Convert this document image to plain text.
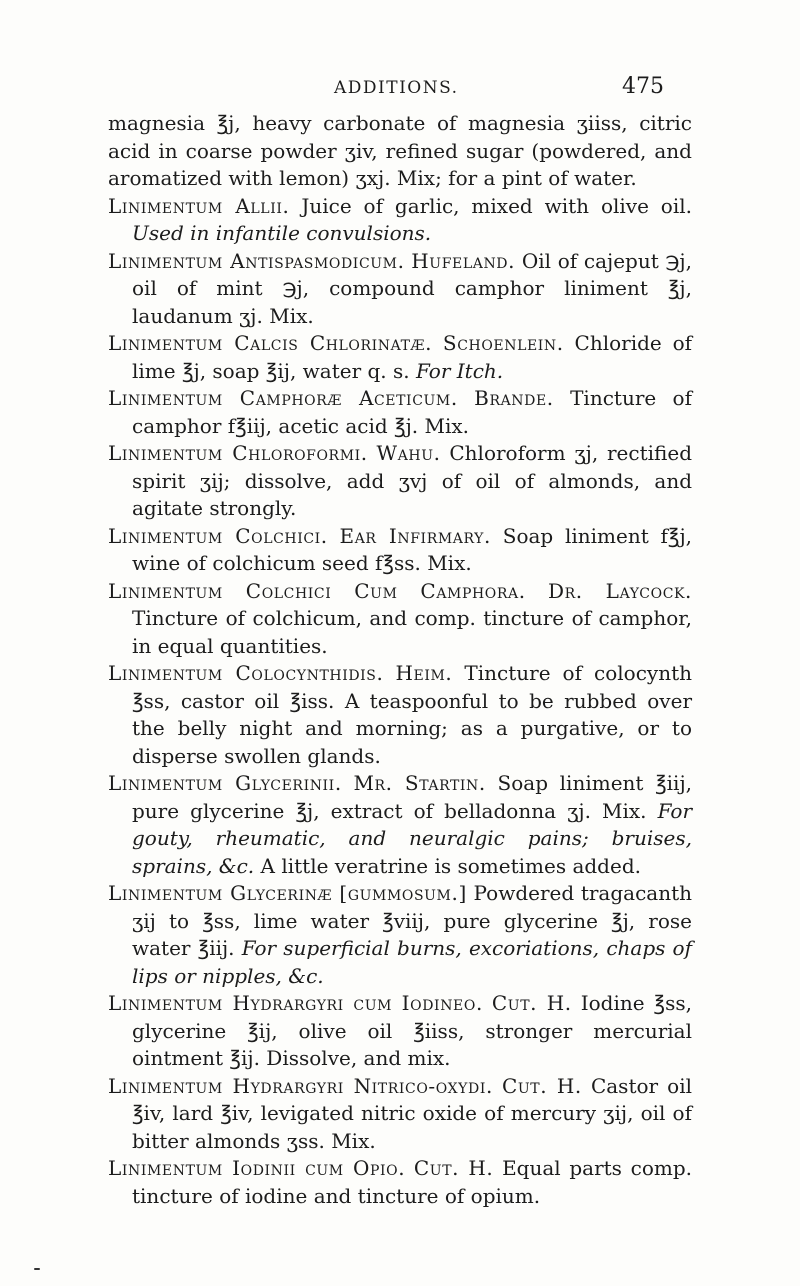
ADDITIONS.	475

magnesia ℥j, heavy carbonate of magnesia ʒiiss, citric acid in coarse powder ʒiv, refined sugar (powdered, and aromatized with lemon) ʒxj. Mix; for a pint of water.

Linimentum Allii. Juice of garlic, mixed with olive oil. Used in infantile convulsions.

Linimentum Antispasmodicum. Hufeland. Oil of cajeput ℈j, oil of mint ℈j, compound camphor liniment ℥j, laudanum ʒj. Mix.

Linimentum Calcis Chlorinatæ. Schoenlein. Chloride of lime ℥j, soap ℥ij, water q. s. For Itch.

Linimentum Camphoræ Aceticum. Brande. Tincture of camphor f℥iij, acetic acid ℥j. Mix.

Linimentum Chloroformi. Wahu. Chloroform ʒj, rectified spirit ʒij; dissolve, add ʒvj of oil of almonds, and agitate strongly.

Linimentum Colchici. Ear Infirmary. Soap liniment f℥j, wine of colchicum seed f℥ss. Mix.

Linimentum Colchici Cum Camphora. Dr. Laycock. Tincture of colchicum, and comp. tincture of camphor, in equal quantities.

Linimentum Colocynthidis. Heim. Tincture of colocynth ℥ss, castor oil ℥iss. A teaspoonful to be rubbed over the belly night and morning; as a purgative, or to disperse swollen glands.

Linimentum Glycerinii. Mr. Startin. Soap liniment ℥iij, pure glycerine ℥j, extract of belladonna ʒj. Mix. For gouty, rheumatic, and neuralgic pains; bruises, sprains, &c. A little veratrine is sometimes added.

Linimentum Glycerinæ [gummosum.] Powdered tragacanth ʒij to ℥ss, lime water ℥viij, pure glycerine ℥j, rose water ℥iij. For superficial burns, excoriations, chaps of lips or nipples, &c.

Linimentum Hydrargyri cum Iodineo. Cut. H. Iodine ℥ss, glycerine ℥ij, olive oil ℥iiss, stronger mercurial ointment ℥ij. Dissolve, and mix.

Linimentum Hydrargyri Nitrico-oxydi. Cut. H. Castor oil ℥iv, lard ℥iv, levigated nitric oxide of mercury ʒij, oil of bitter almonds ʒss. Mix.

Linimentum Iodinii cum Opio. Cut. H. Equal parts comp. tincture of iodine and tincture of opium.
